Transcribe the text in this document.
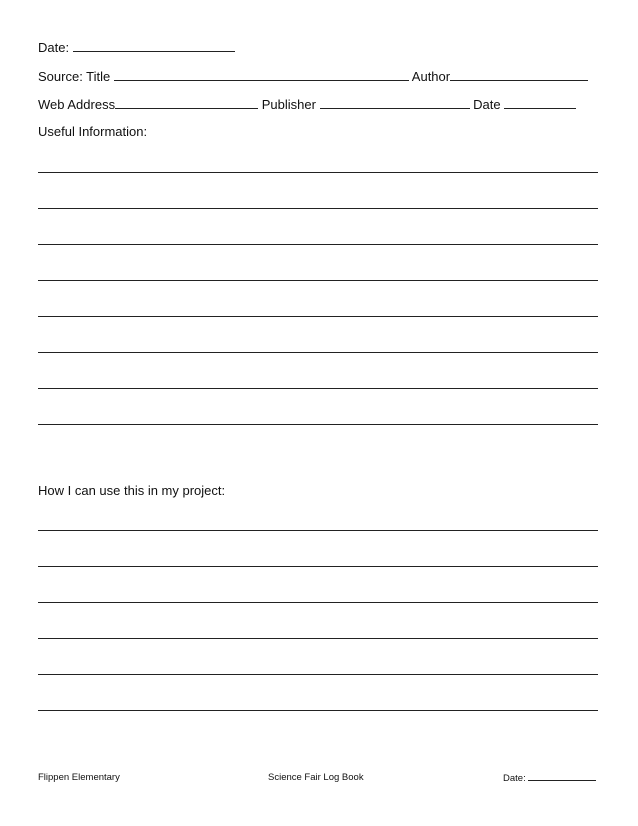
Date:
Source: Title	Author
Web Address	Publisher	Date
Useful Information:
How I can use this in my project:
Flippen Elementary	Science Fair Log Book	Date:
